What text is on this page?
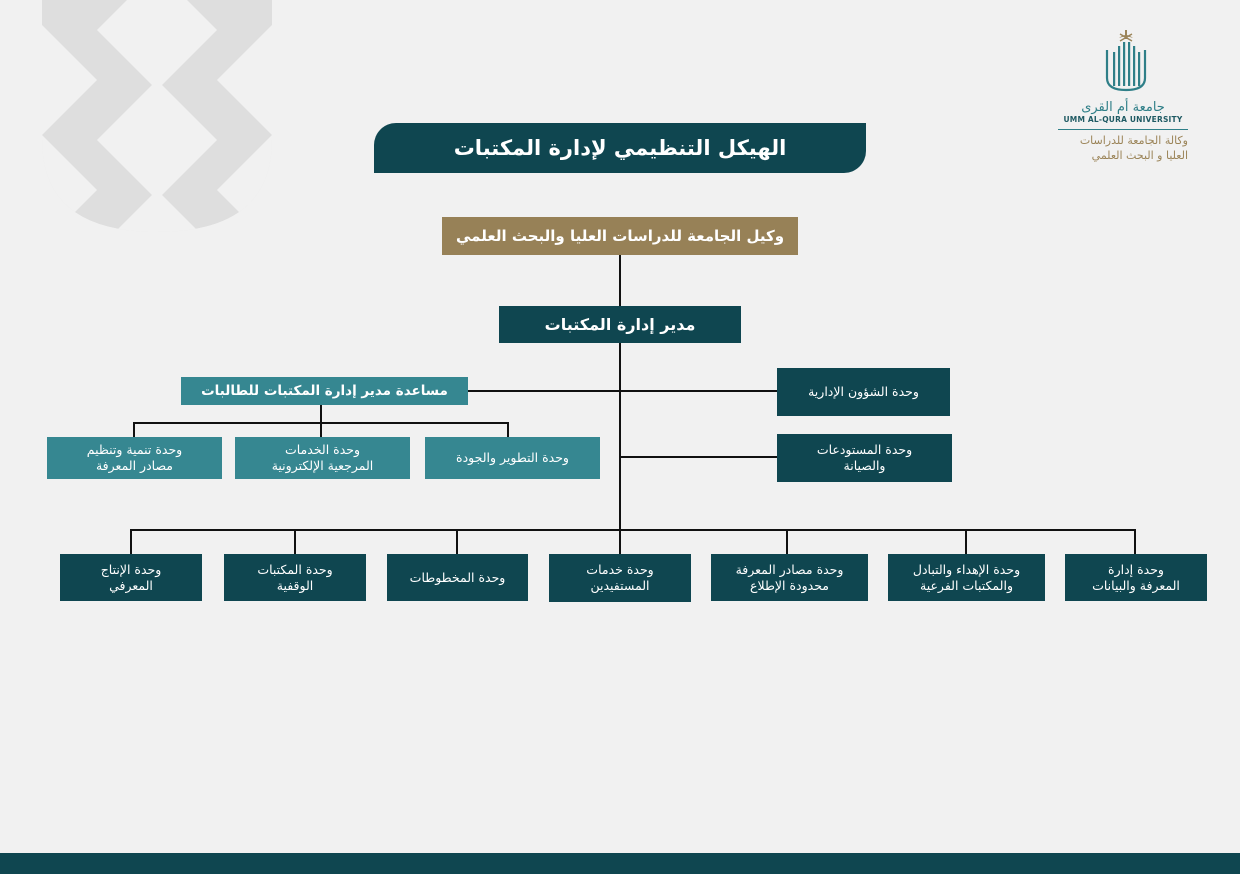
جامعة أم القرى
UMM AL-QURA UNIVERSITY
وكالة الجامعة للدراسات
العليا و البحث العلمي
الهيكل التنظيمي لإدارة المكتبات
وكيل الجامعة للدراسات العليا والبحث العلمي
مدير إدارة المكتبات
مساعدة مدير إدارة المكتبات للطالبات
وحدة التطوير والجودة
وحدة الخدمات
المرجعية الإلكترونية
وحدة تنمية وتنظيم
مصادر المعرفة
وحدة الشؤون الإدارية
وحدة المستودعات
والصيانة
وحدة إدارة
المعرفة والبيانات
وحدة الإهداء والتبادل
والمكتبات الفرعية
وحدة مصادر المعرفة
محدودة الإطلاع
وحدة خدمات
المستفيدين
وحدة المخطوطات
وحدة المكتبات
الوقفية
وحدة الإنتاج
المعرفي
